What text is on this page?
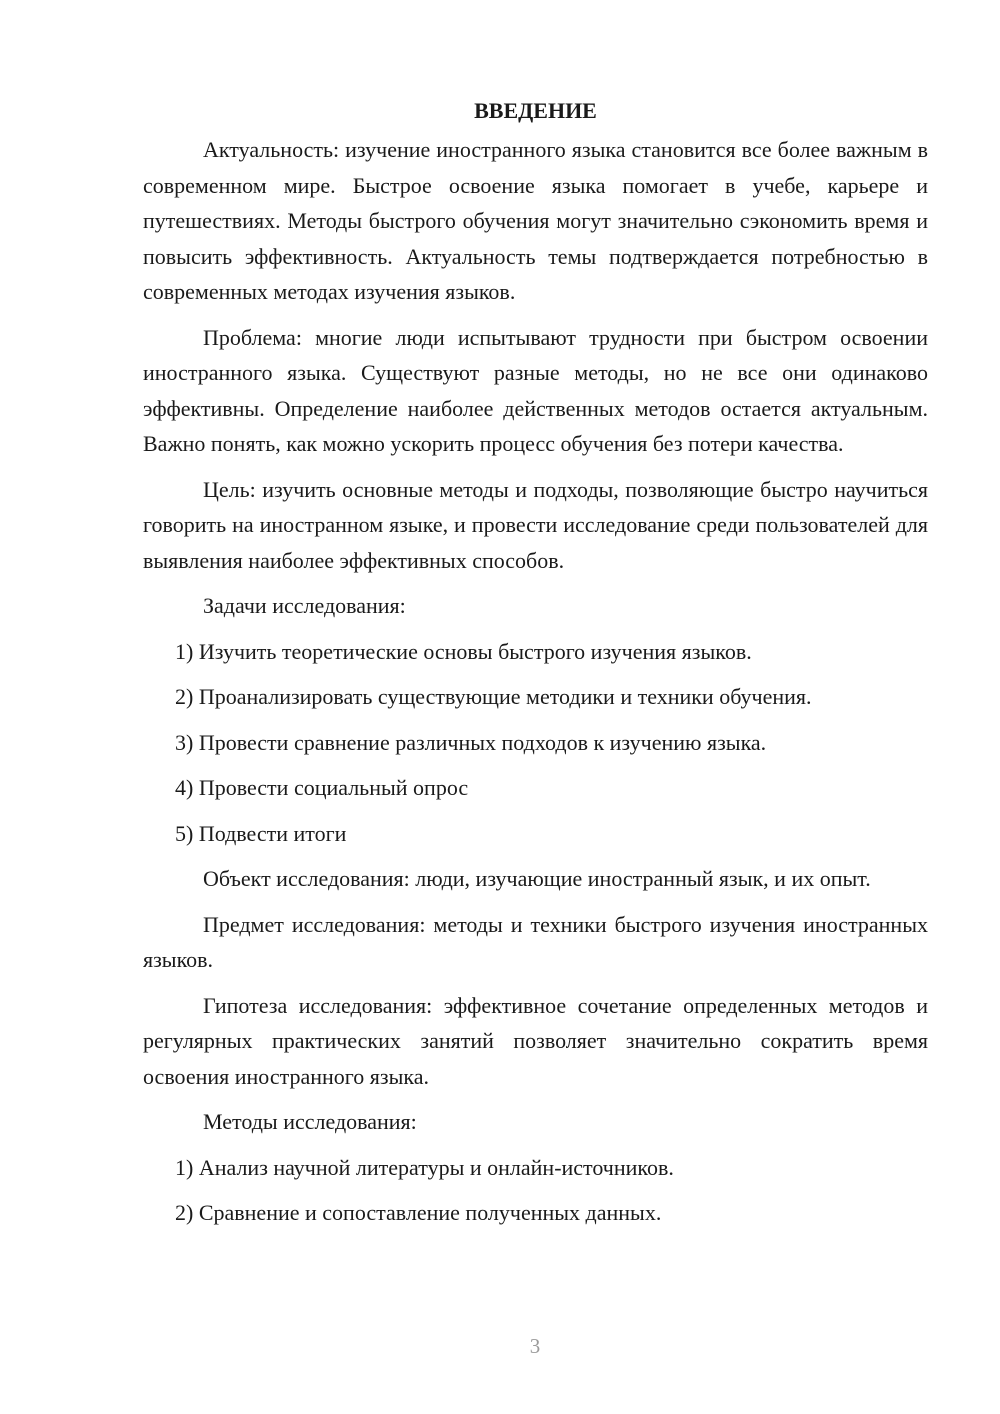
ВВЕДЕНИЕ

Актуальность: изучение иностранного языка становится все более важным в современном мире. Быстрое освоение языка помогает в учебе, карьере и путешествиях. Методы быстрого обучения могут значительно сэкономить время и повысить эффективность. Актуальность темы подтверждается потребностью в современных методах изучения языков.

Проблема: многие люди испытывают трудности при быстром освоении иностранного языка. Существуют разные методы, но не все они одинаково эффективны. Определение наиболее действенных методов остается актуальным. Важно понять, как можно ускорить процесс обучения без потери качества.

Цель: изучить основные методы и подходы, позволяющие быстро научиться говорить на иностранном языке, и провести исследование среди пользователей для выявления наиболее эффективных способов.

Задачи исследования:

1) Изучить теоретические основы быстрого изучения языков.

2) Проанализировать существующие методики и техники обучения.

3) Провести сравнение различных подходов к изучению языка.

4) Провести социальный опрос

5) Подвести итоги

Объект исследования: люди, изучающие иностранный язык, и их опыт.

Предмет исследования: методы и техники быстрого изучения иностранных языков.

Гипотеза исследования: эффективное сочетание определенных методов и регулярных практических занятий позволяет значительно сократить время освоения иностранного языка.

Методы исследования:

1) Анализ научной литературы и онлайн-источников.

2) Сравнение и сопоставление полученных данных.

3
